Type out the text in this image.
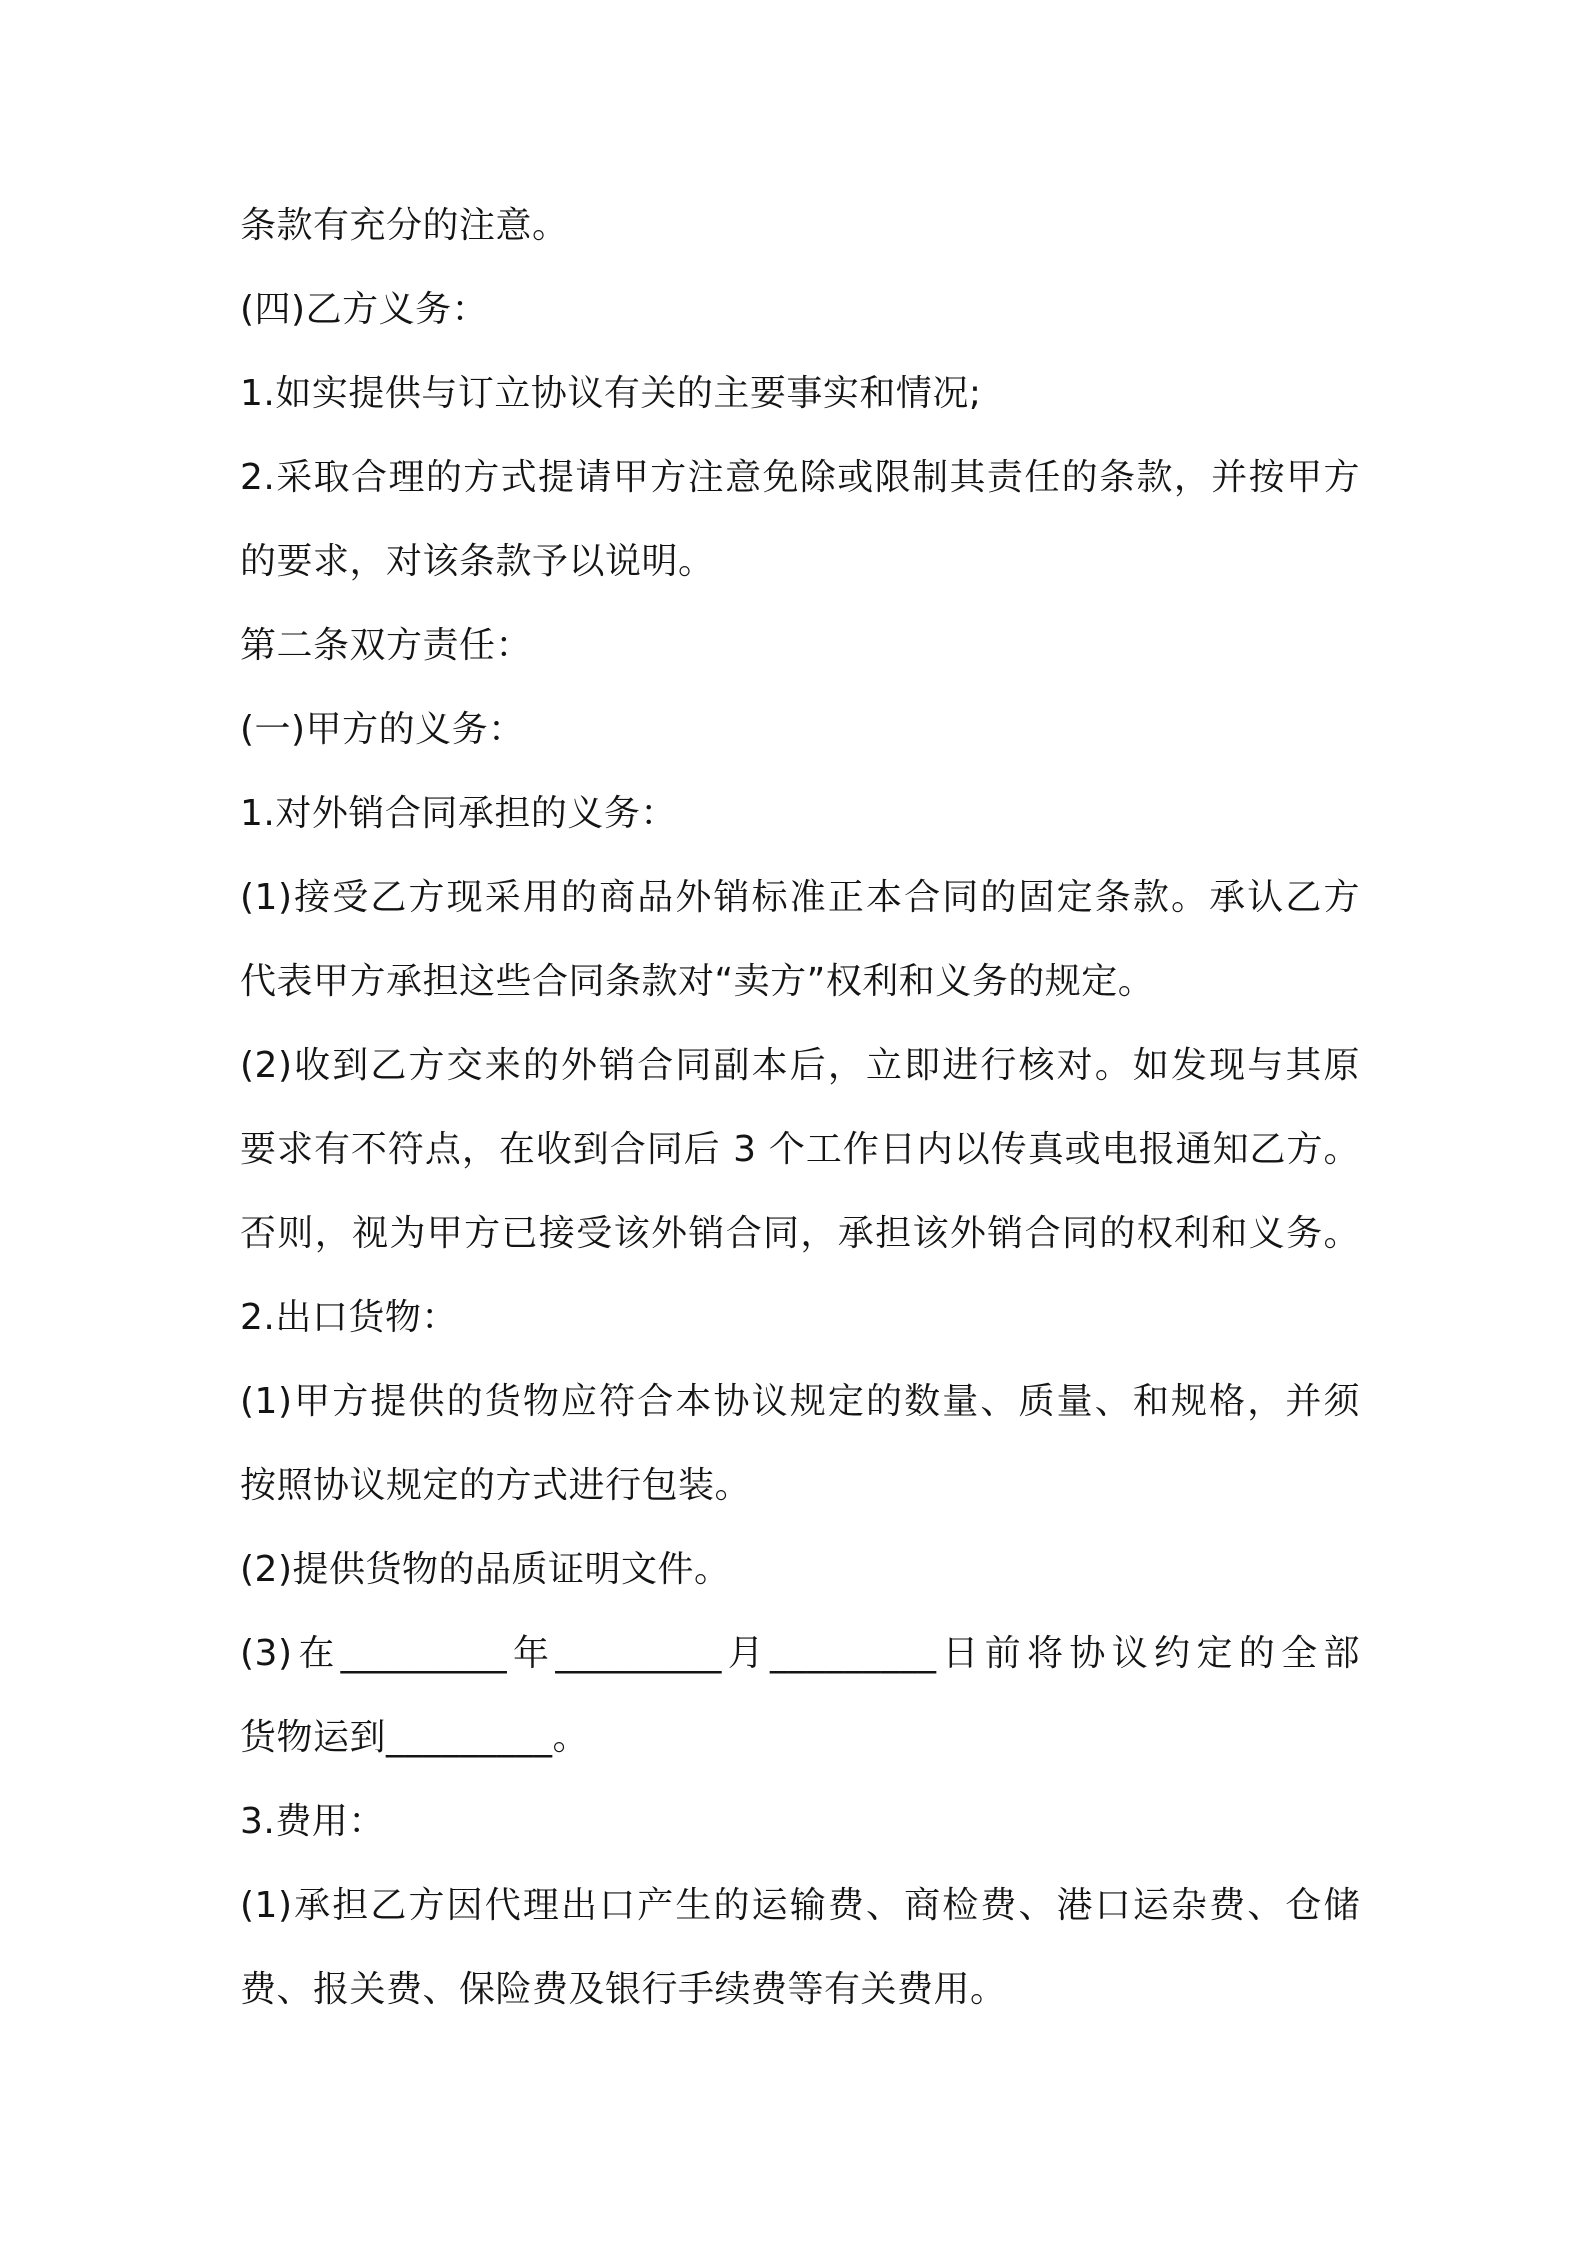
条款有充分的注意。
(四)乙方义务：
1.如实提供与订立协议有关的主要事实和情况;
2.采取合理的方式提请甲方注意免除或限制其责任的条款，并按甲方
的要求，对该条款予以说明。
第二条双方责任：
(一)甲方的义务：
1.对外销合同承担的义务：
(1)接受乙方现采用的商品外销标准正本合同的固定条款。承认乙方
代表甲方承担这些合同条款对“卖方”权利和义务的规定。
(2)收到乙方交来的外销合同副本后，立即进行核对。如发现与其原
要求有不符点，在收到合同后 3 个工作日内以传真或电报通知乙方。
否则，视为甲方已接受该外销合同，承担该外销合同的权利和义务。
2.出口货物：
(1)甲方提供的货物应符合本协议规定的数量、质量、和规格，并须
按照协议规定的方式进行包装。
(2)提供货物的品质证明文件。
(3)在_________年_________月_________日前将协议约定的全部
货物运到_________。
3.费用：
(1)承担乙方因代理出口产生的运输费、商检费、港口运杂费、仓储
费、报关费、保险费及银行手续费等有关费用。
